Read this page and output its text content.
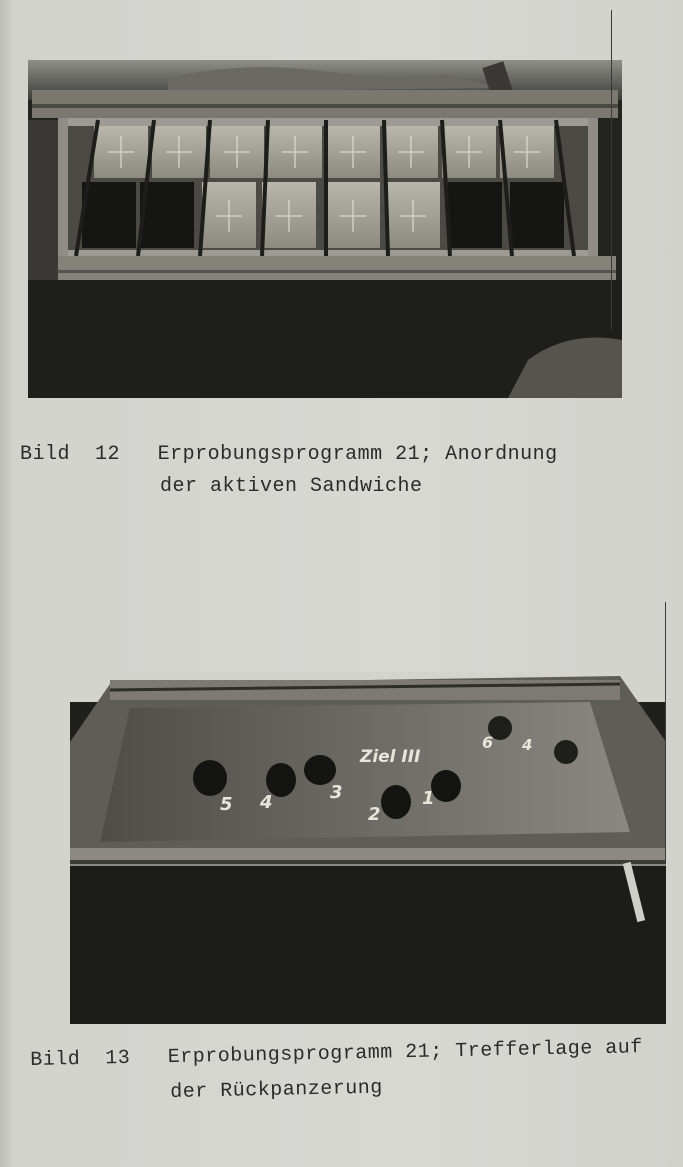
Bild 12 Erprobungsprogramm 21; Anordnung
der aktiven Sandwiche
Ziel III
6 4
5 4	3
2
1
Bild 13 Erprobungsprogramm 21; Trefferlage auf
der Rückpanzerung
